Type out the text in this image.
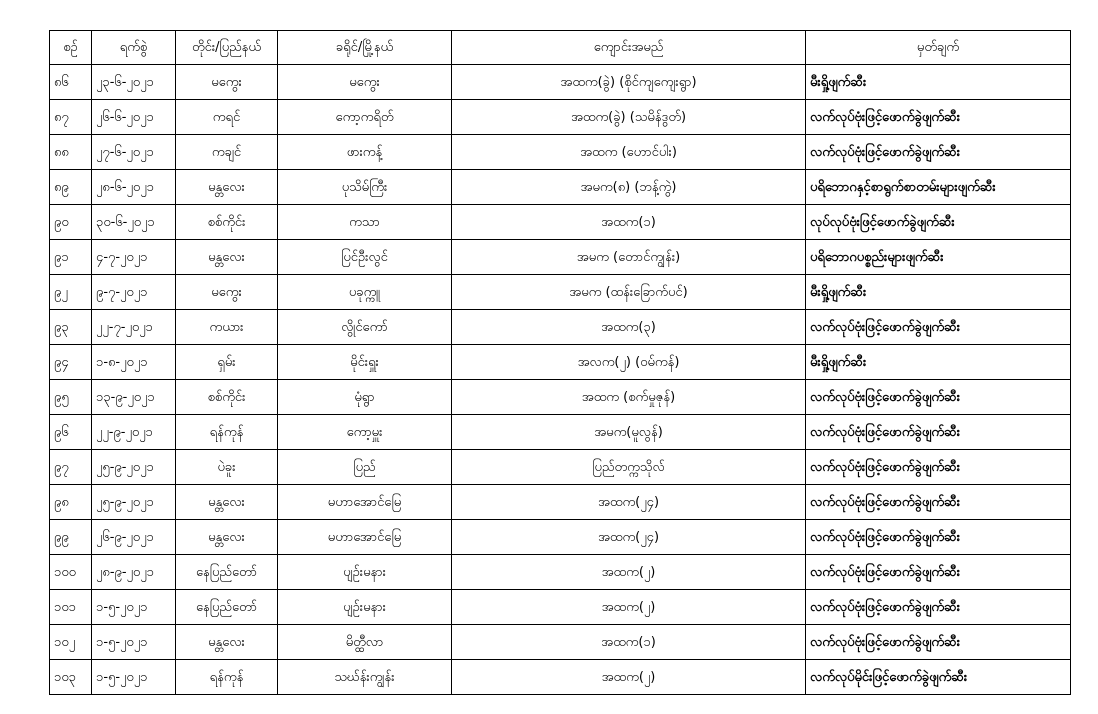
စဉ်	ရက်စွဲ	တိုင်း/ပြည်နယ်	ခရိုင်/မြို့နယ်	ကျောင်းအမည်	မှတ်ချက်
၈၆	၂၃-၆-၂၀၂၁	မကွေး	မကွေး	အထက(ခွဲ) (စိုင်ကျကျေးရွာ)	မီးရှို့ဖျက်ဆီး
၈၇	၂၆-၆-၂၀၂၁	ကရင်	ကော့ကရိတ်	အထက(ခွဲ) (သမိန်ဒွတ်)	လက်လုပ်ဗုံးဖြင့်ဖောက်ခွဲဖျက်ဆီး
၈၈	၂၇-၆-၂၀၂၁	ကချင်	ဖားကန့်	အထက (ဟောင်ပါး)	လက်လုပ်ဗုံးဖြင့်ဖောက်ခွဲဖျက်ဆီး
၈၉	၂၈-၆-၂၀၂၁	မန္တလေး	ပုသိမ်ကြီး	အမက(၈) (ဘန့်ကွဲ)	ပရိဘောဂနှင့်စာရွက်စာတမ်းများဖျက်ဆီး
၉၀	၃၀-၆-၂၀၂၁	စစ်ကိုင်း	ကသာ	အထက(၁)	လုပ်လုပ်ဗုံးဖြင့်ဖောက်ခွဲဖျက်ဆီး
၉၁	၄-၇-၂၀၂၁	မန္တလေး	ပြင်ဦးလွင်	အမက (တောင်ကျွန်း)	ပရိဘောဂပစ္စည်းများဖျက်ဆီး
၉၂	၉-၇-၂၀၂၁	မကွေး	ပခုက္ကူ	အမက (ထန်းခြောက်ပင်)	မီးရှို့ဖျက်ဆီး
၉၃	၂၂-၇-၂၀၂၁	ကယား	လွိုင်ကော်	အထက(၃)	လက်လုပ်ဗုံးဖြင့်ဖောက်ခွဲဖျက်ဆီး
၉၄	၁-၈-၂၀၂၁	ရှမ်း	မိုင်းရှူး	အလက(၂) (ဝမ်ကန်)	မီးရှို့ဖျက်ဆီး
၉၅	၁၃-၉-၂၀၂၁	စစ်ကိုင်း	မုံရွာ	အထက (စက်မှုဇုန်)	လက်လုပ်ဗုံးဖြင့်ဖောက်ခွဲဖျက်ဆီး
၉၆	၂၂-၉-၂၀၂၁	ရန်ကုန်	ကော့မှူး	အမက(မူလွန်)	လက်လုပ်ဗုံးဖြင့်ဖောက်ခွဲဖျက်ဆီး
၉၇	၂၅-၉-၂၀၂၁	ပဲခူး	ပြည်	ပြည်တက္ကသိုလ်	လက်လုပ်ဗုံးဖြင့်ဖောက်ခွဲဖျက်ဆီး
၉၈	၂၅-၉-၂၀၂၁	မန္တလေး	မဟာအောင်မြေ	အထက(၂၄)	လက်လုပ်ဗုံးဖြင့်ဖောက်ခွဲဖျက်ဆီး
၉၉	၂၆-၉-၂၀၂၁	မန္တလေး	မဟာအောင်မြေ	အထက(၂၄)	လက်လုပ်ဗုံးဖြင့်ဖောက်ခွဲဖျက်ဆီး
၁၀၀	၂၈-၉-၂၀၂၁	နေပြည်တော်	ပျဉ်းမနား	အထက(၂)	လက်လုပ်ဗုံးဖြင့်ဖောက်ခွဲဖျက်ဆီး
၁၀၁	၁-၅-၂၀၂၁	နေပြည်တော်	ပျဉ်းမနား	အထက(၂)	လက်လုပ်ဗုံးဖြင့်ဖောက်ခွဲဖျက်ဆီး
၁၀၂	၁-၅-၂၀၂၁	မန္တလေး	မိတ္ထီလာ	အထက(၁)	လက်လုပ်ဗုံးဖြင့်ဖောက်ခွဲဖျက်ဆီး
၁၀၃	၁-၅-၂၀၂၁	ရန်ကုန်	သဃ်န်းကျွန်း	အထက(၂)	လက်လုပ်မိုင်းဖြင့်ဖောက်ခွဲဖျက်ဆီး
